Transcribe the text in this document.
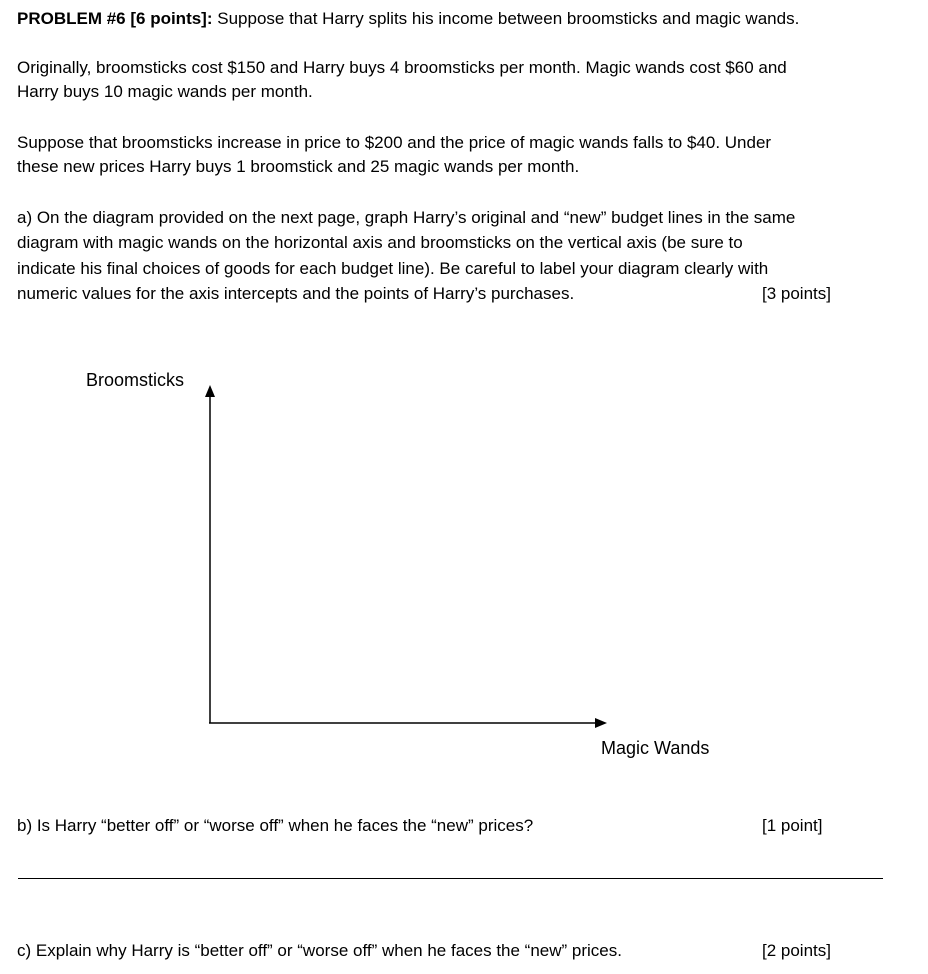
PROBLEM #6 [6 points]: Suppose that Harry splits his income between broomsticks and magic wands.

Originally, broomsticks cost $150 and Harry buys 4 broomsticks per month. Magic wands cost $60 and

Harry buys 10 magic wands per month.

Suppose that broomsticks increase in price to $200 and the price of magic wands falls to $40. Under

these new prices Harry buys 1 broomstick and 25 magic wands per month.

a) On the diagram provided on the next page, graph Harry’s original and “new” budget lines in the same

diagram with magic wands on the horizontal axis and broomsticks on the vertical axis (be sure to

indicate his final choices of goods for each budget line). Be careful to label your diagram clearly with

numeric values for the axis intercepts and the points of Harry’s purchases.	[3 points]
Broomsticks
Magic Wands

b) Is Harry “better off” or “worse off” when he faces the “new” prices?	[1 point]

c) Explain why Harry is “better off” or “worse off” when he faces the “new” prices.	[2 points]
